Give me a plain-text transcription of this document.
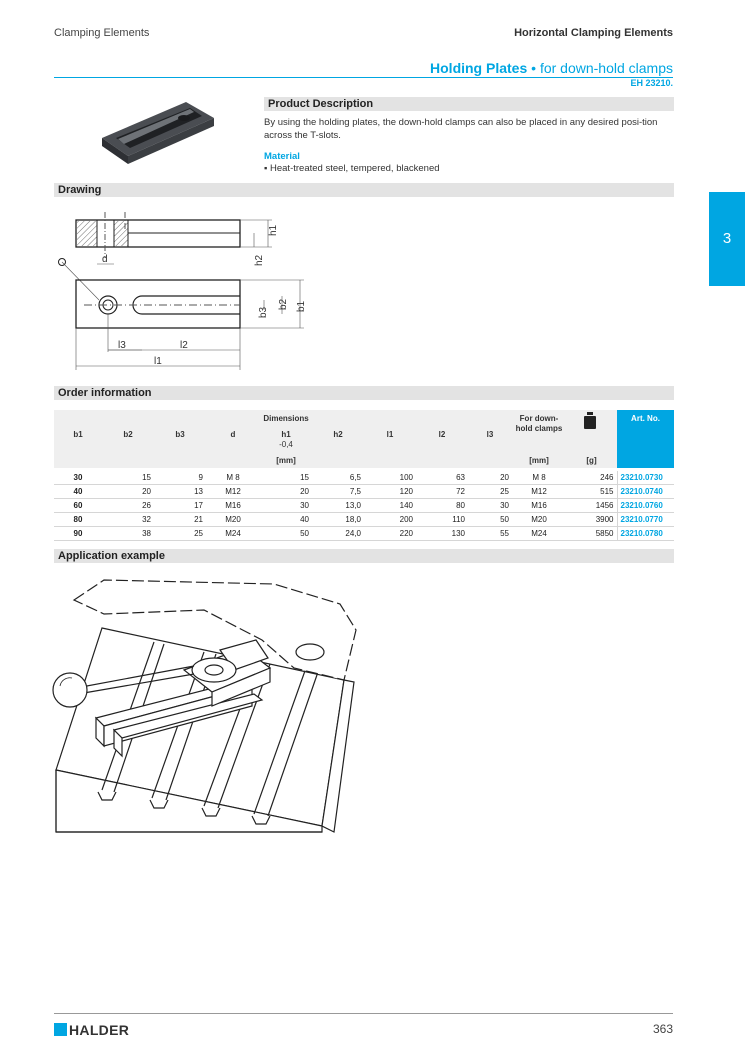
Clamping Elements	Horizontal Clamping Elements
Holding Plates • for down-hold clamps
EH 23210.
3
Product Description
By using the holding plates, the down-hold clamps can also be placed in any desired posi-tion across the T-slots.
Material
▪ Heat-treated steel, tempered, blackened
Drawing
h1
h2
d
b1
b2
b3
l3	l2
l1
Order information
b1	b2	b3	d
Dimensions
h1
-0,4
h2	l1	l2	l3
[mm]
For down-hold clamps
[mm]	[g]
Art. No.
30	15	9	M 8	15	6,5	100	63	20	M 8	246	23210.0730
40	20	13	M12	20	7,5	120	72	25	M12	515	23210.0740
60	26	17	M16	30	13,0	140	80	30	M16	1456	23210.0760
80	32	21	M20	40	18,0	200	110	50	M20	3900	23210.0770
90	38	25	M24	50	24,0	220	130	55	M24	5850	23210.0780
Application example
HALDER	363
